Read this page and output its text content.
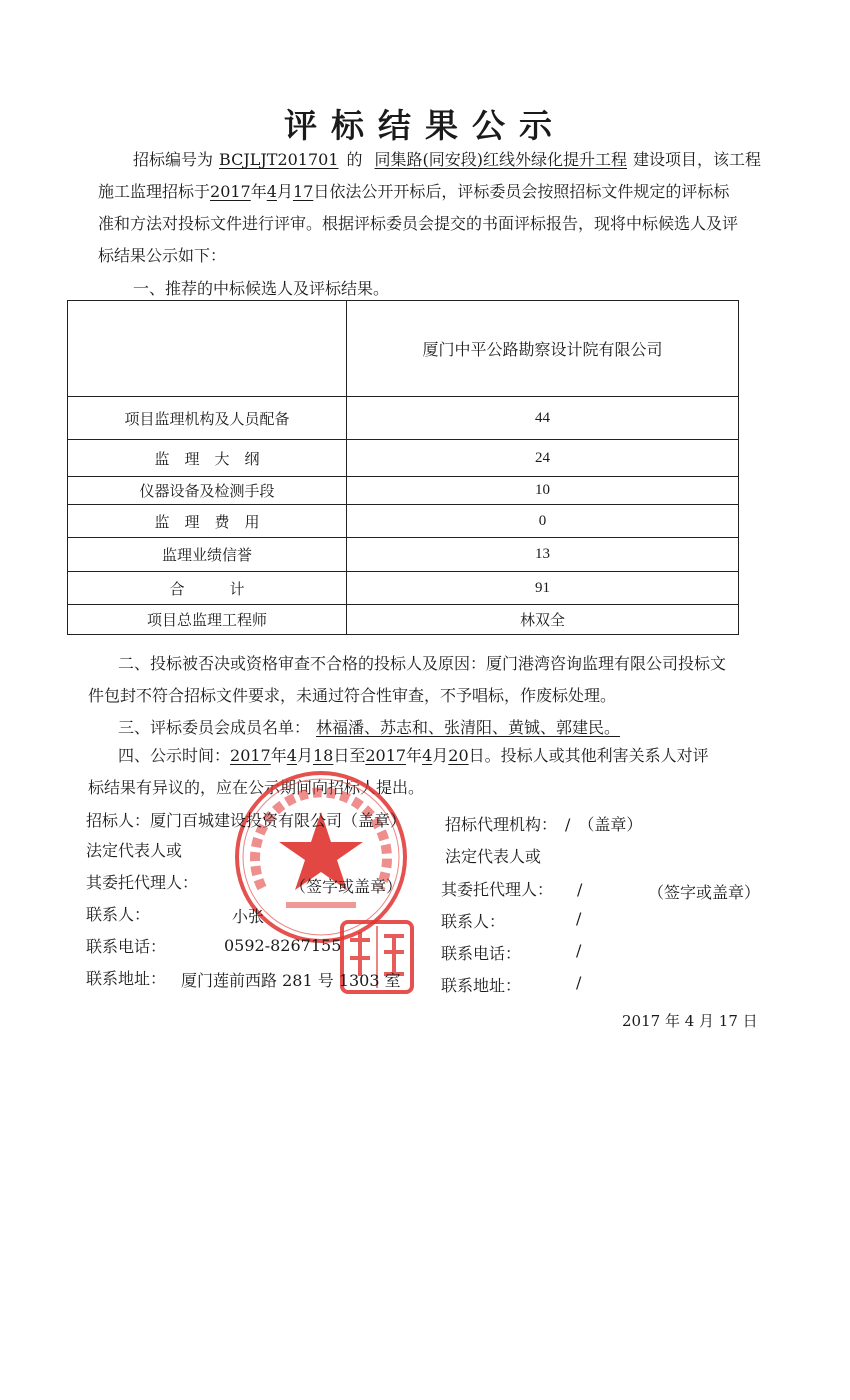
评标结果公示
招标编号为 BCJLJT201701 的 同集路(同安段)红线外绿化提升工程 建设项目，该工程
施工监理招标于2017年4月17日依法公开开标后，评标委员会按照招标文件规定的评标标
准和方法对投标文件进行评审。根据评标委员会提交的书面评标报告，现将中标候选人及评
标结果公示如下：
一、推荐的中标候选人及评标结果。
	厦门中平公路勘察设计院有限公司
项目监理机构及人员配备	44
监　理　大　纲	24
仪器设备及检测手段	10
监　理　费　用	0
监理业绩信誉	13
合　　　计	91
项目总监理工程师	林双全
二、投标被否决或资格审查不合格的投标人及原因：厦门港湾咨询监理有限公司投标文
件包封不符合招标文件要求，未通过符合性审查，不予唱标，作废标处理。
三、评标委员会成员名单： 林福潘、苏志和、张清阳、黄铖、郭建民。
四、公示时间：2017年4月18日至2017年4月20日。投标人或其他利害关系人对评
标结果有异议的，应在公示期间向招标人提出。
招标人：厦门百城建设投资有限公司（盖章）
法定代表人或
其委托代理人：	（签字或盖章）
联系人：	小张
联系电话：	0592-8267155
联系地址： 厦门莲前西路 281 号 1303 室
招标代理机构：　/　（盖章）
法定代表人或
其委托代理人：　　/	（签字或盖章）
联系人：	/
联系电话：	/
联系地址：	/
2017 年 4 月 17 日
